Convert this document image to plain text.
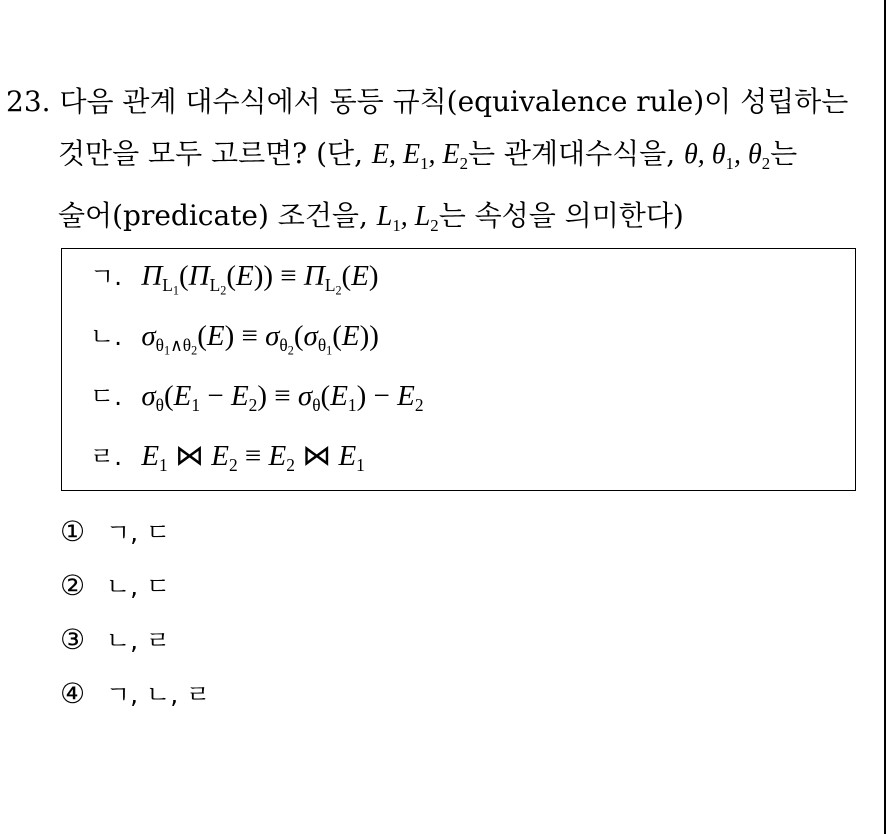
23. 다음 관계 대수식에서 동등 규칙(equivalence rule)이 성립하는
것만을 모두 고르면? (단, E, $E_1$, $E_2$는 관계대수식을, θ, $\theta_1$, $\theta_2$는
술어(predicate) 조건을, $L_1$, $L_2$는 속성을 의미한다)
ㄱ. $\Pi_{L_1}(\Pi_{L_2}(E)) \equiv \Pi_{L_2}(E)$
ㄴ. $\sigma_{\theta_1\wedge\theta_2}(E) \equiv \sigma_{\theta_2}(\sigma_{\theta_1}(E))$
ㄷ. $\sigma_\theta(E_1 - E_2) \equiv \sigma_\theta(E_1) - E_2$
ㄹ. $E_1$ ⋈ $E_2 \equiv E_2$ ⋈ $E_1$
① ㄱ, ㄷ
② ㄴ, ㄷ
③ ㄴ, ㄹ
④ ㄱ, ㄴ, ㄹ
